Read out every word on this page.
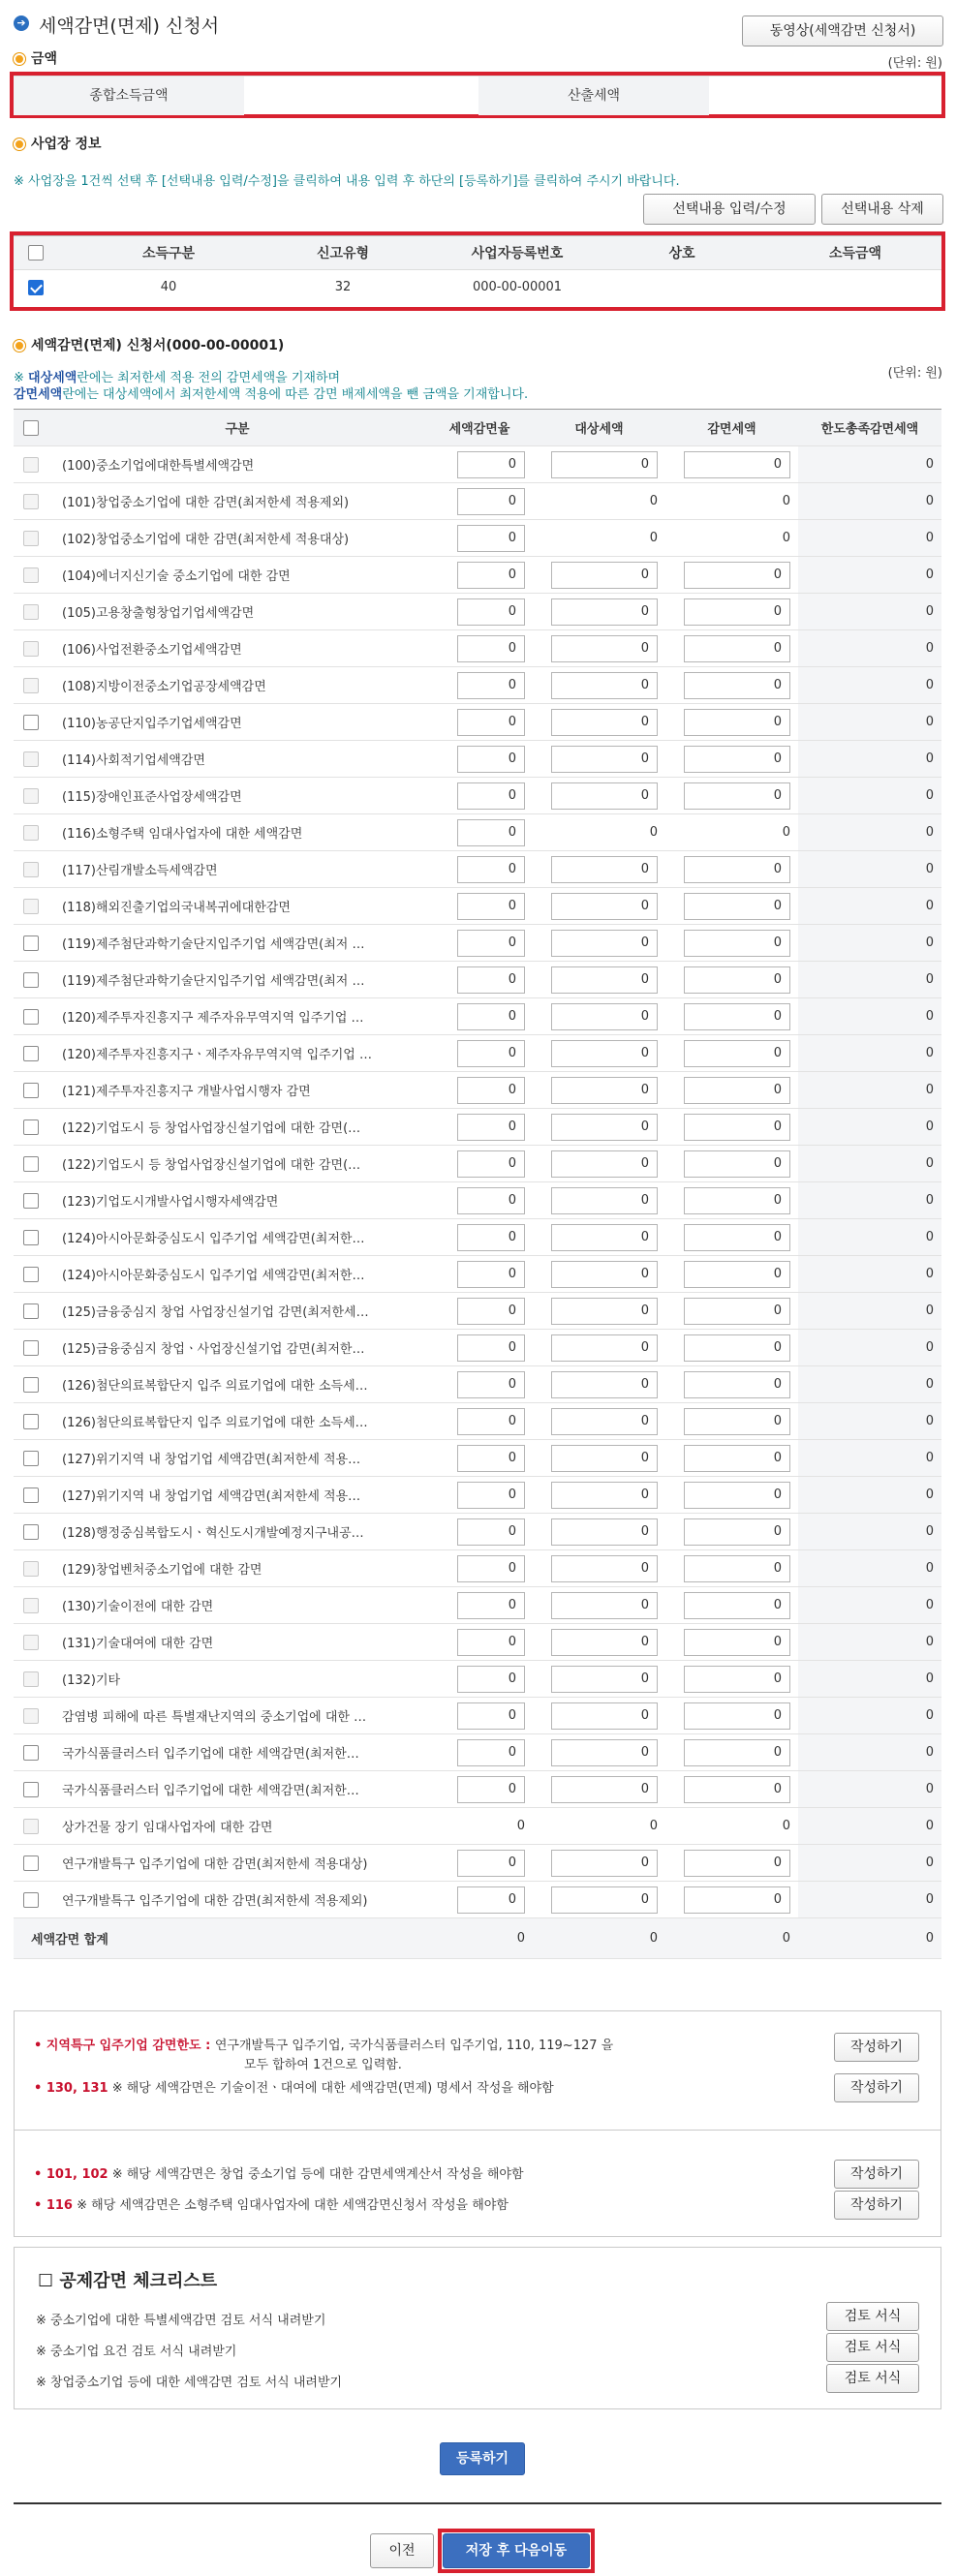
➔ 세액감면(면제) 신청서	동영상(세액감면 신청서)
금액	(단위: 원)
종합소득금액	산출세액
사업장 정보
※ 사업장을 1건씩 선택 후 [선택내용 입력/수정]을 클릭하여 내용 입력 후 하단의 [등록하기]를 클릭하여 주시기 바랍니다.
선택내용 입력/수정	선택내용 삭제
소득구분	신고유형	사업자등록번호	상호	소득금액
40	32	000-00-00001
세액감면(면제) 신청서(000-00-00001)
※ 대상세액란에는 최저한세 적용 전의 감면세액을 기재하며
감면세액란에는 대상세액에서 최저한세액 적용에 따른 감면 배제세액을 뺀 금액을 기재합니다.
(단위: 원)
	구분	세액감면율	대상세액	감면세액	한도총족감면세액
	(100)중소기업에대한특별세액감면	0	0	0	0
	(101)창업중소기업에 대한 감면(최저한세 적용제외)	0	0	0	0
	(102)창업중소기업에 대한 감면(최저한세 적용대상)	0	0	0	0
	(104)에너지신기술 중소기업에 대한 감면	0	0	0	0
	(105)고용창출형창업기업세액감면	0	0	0	0
	(106)사업전환중소기업세액감면	0	0	0	0
	(108)지방이전중소기업공장세액감면	0	0	0	0
	(110)농공단지입주기업세액감면	0	0	0	0
	(114)사회적기업세액감면	0	0	0	0
	(115)장애인표준사업장세액감면	0	0	0	0
	(116)소형주택 임대사업자에 대한 세액감면	0	0	0	0
	(117)산림개발소득세액감면	0	0	0	0
	(118)해외진출기업의국내복귀에대한감면	0	0	0	0
	(119)제주첨단과학기술단지입주기업 세액감면(최저 …	0	0	0	0
	(119)제주첨단과학기술단지입주기업 세액감면(최저 …	0	0	0	0
	(120)제주투자진흥지구 제주자유무역지역 입주기업 …	0	0	0	0
	(120)제주투자진흥지구ㆍ제주자유무역지역 입주기업 …	0	0	0	0
	(121)제주투자진흥지구 개발사업시행자 감면	0	0	0	0
	(122)기업도시 등 창업사업장신설기업에 대한 감면(…	0	0	0	0
	(122)기업도시 등 창업사업장신설기업에 대한 감면(…	0	0	0	0
	(123)기업도시개발사업시행자세액감면	0	0	0	0
	(124)아시아문화중심도시 입주기업 세액감면(최저한…	0	0	0	0
	(124)아시아문화중심도시 입주기업 세액감면(최저한…	0	0	0	0
	(125)금융중심지 창업 사업장신설기업 감면(최저한세…	0	0	0	0
	(125)금융중심지 창업ㆍ사업장신설기업 감면(최저한…	0	0	0	0
	(126)첨단의료복합단지 입주 의료기업에 대한 소득세…	0	0	0	0
	(126)첨단의료복합단지 입주 의료기업에 대한 소득세…	0	0	0	0
	(127)위기지역 내 창업기업 세액감면(최저한세 적용…	0	0	0	0
	(127)위기지역 내 창업기업 세액감면(최저한세 적용…	0	0	0	0
	(128)행정중심복합도시ㆍ혁신도시개발예정지구내공…	0	0	0	0
	(129)창업벤처중소기업에 대한 감면	0	0	0	0
	(130)기술이전에 대한 감면	0	0	0	0
	(131)기술대여에 대한 감면	0	0	0	0
	(132)기타	0	0	0	0
	감염병 피해에 따른 특별재난지역의 중소기업에 대한 …	0	0	0	0
	국가식품클러스터 입주기업에 대한 세액감면(최저한…	0	0	0	0
	국가식품클러스터 입주기업에 대한 세액감면(최저한…	0	0	0	0
	상가건물 장기 임대사업자에 대한 감면	0	0	0	0
	연구개발특구 입주기업에 대한 감면(최저한세 적용대상)	0	0	0	0
	연구개발특구 입주기업에 대한 감면(최저한세 적용제외)	0	0	0	0
세액감면 합계		0	0	0	0
• 지역특구 입주기업 감면한도 : 연구개발특구 입주기업, 국가식품클러스터 입주기업, 110, 119~127 을
모두 합하여 1건으로 입력함.
• 130, 131 ※ 해당 세액감면은 기술이전ㆍ대여에 대한 세액감면(면제) 명세서 작성을 해야함
작성하기
작성하기
• 101, 102 ※ 해당 세액감면은 창업 중소기업 등에 대한 감면세액계산서 작성을 해야함
• 116 ※ 해당 세액감면은 소형주택 임대사업자에 대한 세액감면신청서 작성을 해야함
작성하기
작성하기
☐ 공제감면 체크리스트
※ 중소기업에 대한 특별세액감면 검토 서식 내려받기
※ 중소기업 요건 검토 서식 내려받기
※ 창업중소기업 등에 대한 세액감면 검토 서식 내려받기
검토 서식
검토 서식
검토 서식
등록하기
이전	저장 후 다음이동
